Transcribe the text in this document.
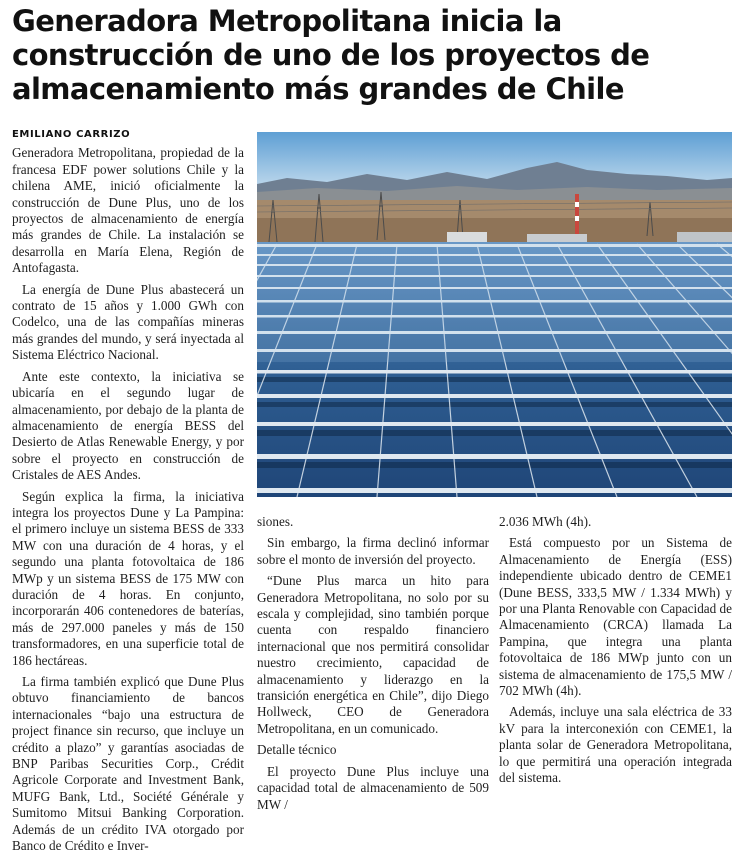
Generadora Metropolitana inicia la construcción de uno de los proyectos de almacenamiento más grandes de Chile
EMILIANO CARRIZO

Generadora Metropolitana, propiedad de la francesa EDF power solutions Chile y la chilena AME, inició oficialmente la construcción de Dune Plus, uno de los proyectos de almacenamiento de energía más grandes de Chile. La instalación se desarrolla en María Elena, Región de Antofagasta.

La energía de Dune Plus abastecerá un contrato de 15 años y 1.000 GWh con Codelco, una de las compañías mineras más grandes del mundo, y será inyectada al Sistema Eléctrico Nacional.

Ante este contexto, la iniciativa se ubicaría en el segundo lugar de almacenamiento, por debajo de la planta de almacenamiento de energía BESS del Desierto de Atlas Renewable Energy, y por sobre el proyecto en construcción de Cristales de AES Andes.

Según explica la firma, la iniciativa integra los proyectos Dune y La Pampina: el primero incluye un sistema BESS de 333 MW con una duración de 4 horas, y el segundo una planta fotovoltaica de 186 MWp y un sistema BESS de 175 MW con duración de 4 horas. En conjunto, incorporarán 406 contenedores de baterías, más de 297.000 paneles y más de 150 transformadores, en una superficie total de 186 hectáreas.

La firma también explicó que Dune Plus obtuvo financiamiento de bancos internacionales “bajo una estructura de project finance sin recurso, que incluye un crédito a plazo” y garantías asociadas de BNP Paribas Securities Corp., Crédit Agricole Corporate and Investment Bank, MUFG Bank, Ltd., Société Générale y Sumitomo Mitsui Banking Corporation. Además de un crédito IVA otorgado por Banco de Crédito e Inver-

siones.

Sin embargo, la firma declinó informar sobre el monto de inversión del proyecto.

“Dune Plus marca un hito para Generadora Metropolitana, no solo por su escala y complejidad, sino también porque cuenta con respaldo financiero internacional que nos permitirá consolidar nuestro crecimiento, capacidad de almacenamiento y liderazgo en la transición energética en Chile”, dijo Diego Hollweck, CEO de Generadora Metropolitana, en un comunicado.

Detalle técnico

El proyecto Dune Plus incluye una capacidad total de almacenamiento de 509 MW /

2.036 MWh (4h).

Está compuesto por un Sistema de Almacenamiento de Energía (ESS) independiente ubicado dentro de CEME1 (Dune BESS, 333,5 MW / 1.334 MWh) y por una Planta Renovable con Capacidad de Almacenamiento (CRCA) llamada La Pampina, que integra una planta fotovoltaica de 186 MWp junto con un sistema de almacenamiento de 175,5 MW / 702 MWh (4h).

Además, incluye una sala eléctrica de 33 kV para la interconexión con CEME1, la planta solar de Generadora Metropolitana, lo que permitirá una operación integrada del sistema.
